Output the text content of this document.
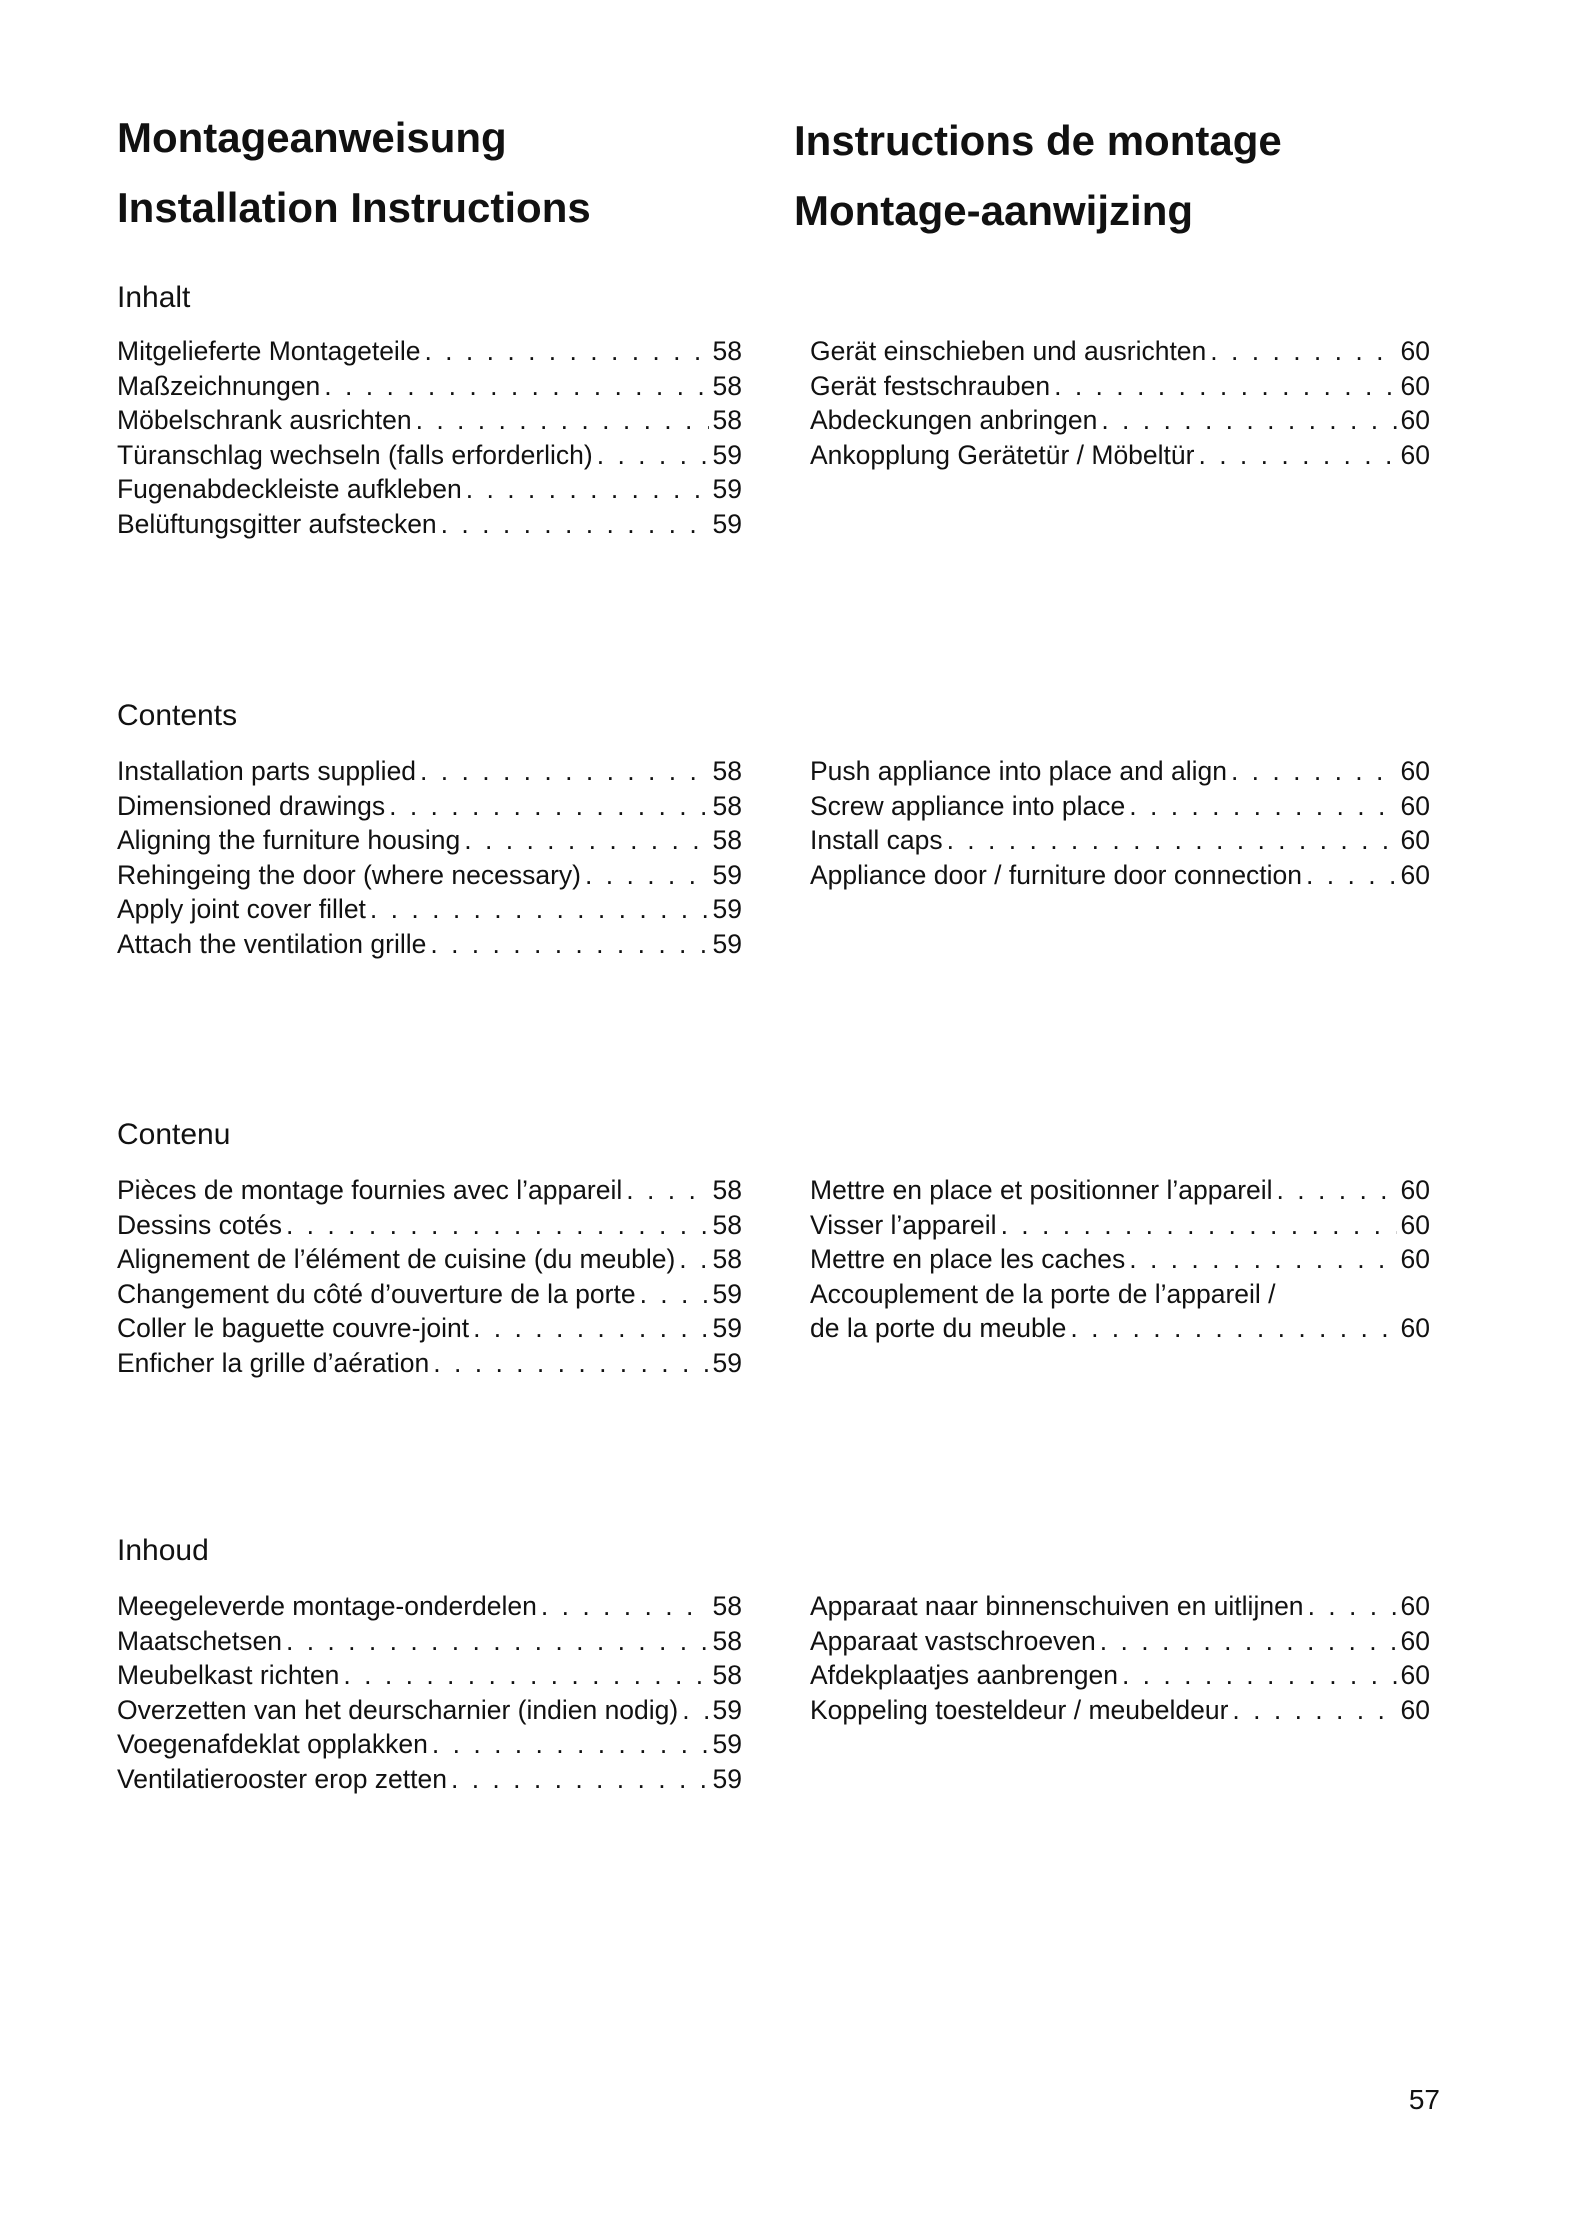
Montageanweisung
Installation Instructions
Instructions de montage
Montage-aanwijzing
Inhalt
Mitgelieferte Montageteile . . .	58
Maßzeichnungen . . .	58
Möbelschrank ausrichten . . .	58
Türanschlag wechseln (falls erforderlich) . . .	59
Fugenabdeckleiste aufkleben . . .	59
Belüftungsgitter aufstecken . . .	59
Gerät einschieben und ausrichten . . .	60
Gerät festschrauben . . .	60
Abdeckungen anbringen . . .	60
Ankopplung Gerätetür / Möbeltür . . .	60
Contents
Installation parts supplied . . .	58
Dimensioned drawings . . .	58
Aligning the furniture housing . . .	58
Rehingeing the door (where necessary) . . .	59
Apply joint cover fillet . . .	59
Attach the ventilation grille . . .	59
Push appliance into place and align . . .	60
Screw appliance into place . . .	60
Install caps . . .	60
Appliance door / furniture door connection . . .	60
Contenu
Pièces de montage fournies avec l’appareil . . .	58
Dessins cotés . . .	58
Alignement de l’élément de cuisine (du meuble) . . . 58
Changement du côté d’ouverture de la porte . . .	59
Coller le baguette couvre-joint . . .	59
Enficher la grille d’aération . . .	59
Mettre en place et positionner l’appareil . . .	60
Visser l’appareil . . .	60
Mettre en place les caches . . .	60
Accouplement de la porte de l’appareil /
de la porte du meuble . . .	60
Inhoud
Meegeleverde montage-onderdelen . . .	58
Maatschetsen . . .	58
Meubelkast richten . . .	58
Overzetten van het deurscharnier (indien nodig) . . . 59
Voegenafdeklat opplakken . . .	59
Ventilatierooster erop zetten . . .	59
Apparaat naar binnenschuiven en uitlijnen . . .	60
Apparaat vastschroeven . . .	60
Afdekplaatjes aanbrengen . . .	60
Koppeling toesteldeur / meubeldeur . . .	60
57
